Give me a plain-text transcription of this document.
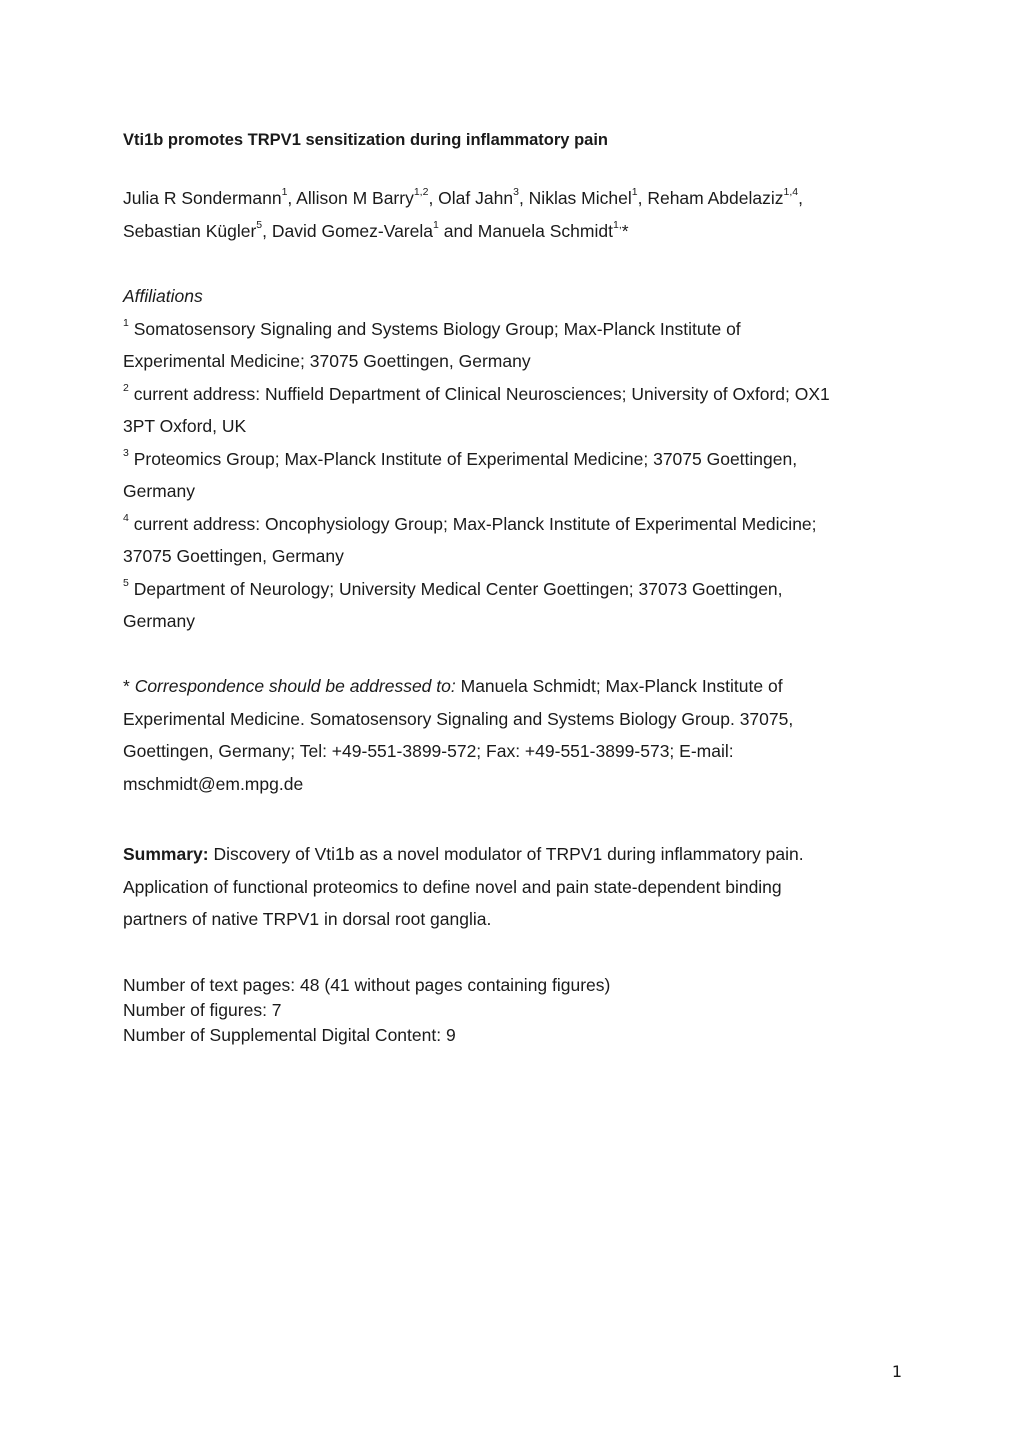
Vti1b promotes TRPV1 sensitization during inflammatory pain
Julia R Sondermann$^1$, Allison M Barry$^{1,2}$, Olaf Jahn$^3$, Niklas Michel$^1$, Reham Abdelaziz$^{1,4}$,
Sebastian Kügler$^5$, David Gomez-Varela$^1$ and Manuela Schmidt$^{1,}$*
Affiliations
$^1$ Somatosensory Signaling and Systems Biology Group; Max-Planck Institute of
Experimental Medicine; 37075 Goettingen, Germany
$^2$ current address: Nuffield Department of Clinical Neurosciences; University of Oxford; OX1
3PT Oxford, UK
$^3$ Proteomics Group; Max-Planck Institute of Experimental Medicine; 37075 Goettingen,
Germany
$^4$ current address: Oncophysiology Group; Max-Planck Institute of Experimental Medicine;
37075 Goettingen, Germany
$^5$ Department of Neurology; University Medical Center Goettingen; 37073 Goettingen,
Germany
* Correspondence should be addressed to: Manuela Schmidt; Max-Planck Institute of
Experimental Medicine. Somatosensory Signaling and Systems Biology Group. 37075,
Goettingen, Germany; Tel: +49-551-3899-572; Fax: +49-551-3899-573; E-mail:
mschmidt@em.mpg.de
Summary: Discovery of Vti1b as a novel modulator of TRPV1 during inflammatory pain.
Application of functional proteomics to define novel and pain state-dependent binding
partners of native TRPV1 in dorsal root ganglia.
Number of text pages: 48 (41 without pages containing figures)
Number of figures: 7
Number of Supplemental Digital Content: 9
1
